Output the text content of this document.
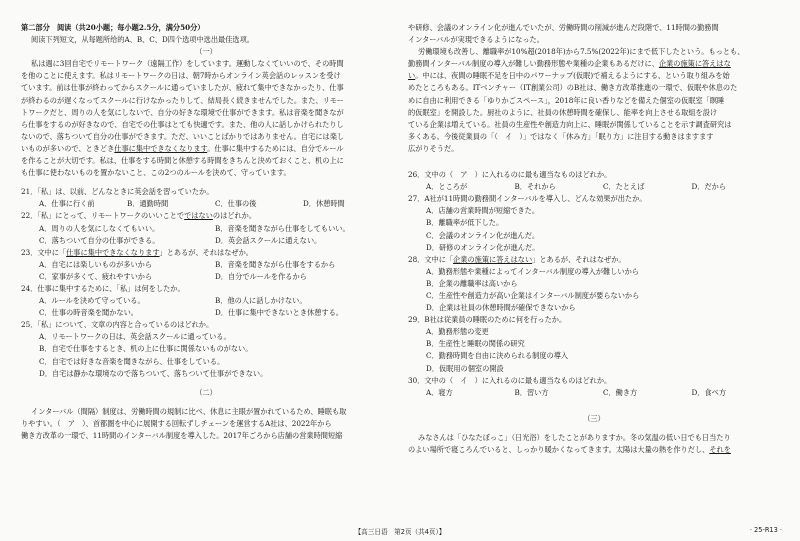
第二部分　阅读（共20小题；每小题2.5分，满分50分）
阅读下列短文，从每题所给的A、B、C、D四个选项中选出最佳选项。
（一）
私は週に3回自宅でリモートワーク（遠隔工作）をしています。運動しなくていいので、その時間
を他のことに使えます。私はリモートワークの日は、朝7時からオンライン英会話のレッスンを受け
ています。前は仕事が終わってからスクールに通っていましたが、疲れて集中できなかったり、仕事
が終わるのが遅くなってスクールに行けなかったりして、結局長く続きませんでした。また、リモー
トワークだと、周りの人を気にしないで、自分の好きな環境で仕事ができます。私は音楽を聞きなが
ら仕事をするのが好きなので、自宅での仕事はとても快適です。また、他の人に話しかけられたりし
ないので、落ちついて自分の仕事ができます。ただ、いいことばかりではありません。自宅には楽し
いものが多いので、ときどき仕事に集中できなくなります。仕事に集中するためには、自分でルール
を作ることが大切です。私は、仕事をする時間と休憩する時間をきちんと決めておくこと、机の上に
も仕事に使わないものを置かないこと、この2つのルールを決めて、守っています。
21．「私」は、以前、どんなときに英会話を習っていたか。
A．仕事に行く前	B．通勤時間	C．仕事の後	D．休憩時間
22．「私」にとって、リモートワークのいいことでではないのはどれか。
A．周りの人を気にしなくてもいい。	B．音楽を聞きながら仕事をしてもいい。
C．落ちついて自分の仕事ができる。	D．英会話スクールに通えない。
23．文中に「仕事に集中できなくなります」とあるが、それはなぜか。
A．自宅には楽しいものが多いから	B．音楽を聞きながら仕事をするから
C．家事が多くて、疲れやすいから	D．自分でルールを作るから
24．仕事に集中するために、「私」は何をしたか。
A．ルールを決めて守っている。	B．他の人に話しかけない。
C．仕事の時音楽を聞かない。	D．仕事に集中できないとき休憩する。
25．「私」について、文章の内容と合っているのはどれか。
A．リモートワークの日は、英会話スクールに通っている。
B．自宅で仕事をするとき、机の上に仕事に関係ないものがない。
C．自宅では好きな音楽を聞きながら、仕事をしている。
D．自宅は静かな環境なので落ちついて、落ちついて仕事ができない。
（二）
インターバル（間隔）制度は、労働時間の規制に比べ、休息に主眼が置かれているため、睡眠も取
りやすい。（　ア　）、首都圏を中心に展開する回転ずしチェーンを運営するA社は、2022年から
働き方改革の一環で、11時間のインターバル制度を導入した。2017年ごろから店舗の営業時間短縮
や研修、会議のオンライン化が進んでいたが、労働時間の削減が進んだ段階で、11時間の勤務間
インターバルが実現できるようになった。
労働環境も改善し、離職率が10%超(2018年)から7.5%(2022年)にまで低下したという。もっとも、
勤務間インターバル制度の導入が難しい勤務形態や業種の企業もあるだけに、企業の施策に答えはな
い。中には、夜間の睡眠不足を日中のパワーナップ(仮眠)で補えるようにする、という取り組みを始
めたところもある。ITベンチャー（IT創業公司）のB社は、働き方改革推進の一環で、仮眠や休息のた
めに自由に利用できる「ゆりかごスペース」，2018年に良い香りなどを備えた個室の仮眠室「瞑睡
的仮眠室」を開設した。厨社のように、社員の休憩時間を確保し、能率を向上させる取組を設け
ている企業は増えている。社員の生産性や創造力向上に、睡眠が関係していることを示す調査研究は
多くある。今後従業員の「（　イ　）」ではなく「休み方」「眠り方」に注目する動きはますます
広がりそうだ。
26．文中の（　ア　）に入れるのに最も適当なものはどれか。
A．ところが	B．それから	C．たとえば	D．だから
27．A社が11時間の勤務間インターバルを導入し、どんな効果が出たか。
A．店舗の営業時間が短縮できた。
B．離職率が低下した。
C．会議のオンライン化が進んだ。
D．研修のオンライン化が進んだ。
28．文中に「企業の施策に答えはない」とあるが、それはなぜか。
A．勤務形態や業種によってインターバル制度の導入が難しいから
B．企業の離職率は高いから
C．生産性や創造力が高い企業はインターバル制度が要らないから
D．企業は社員の休憩時間が確保できないから
29．B社は従業員の睡眠のために何を行ったか。
A．勤務形態の変更
B．生産性と睡眠の関係の研究
C．勤務時間を自由に決められる制度の導入
D．仮眠用の個室の開設
30．文中の（　イ　）に入れるのに最も適当なものはどれか。
A．寝方	B．習い方	C．働き方	D．食べ方
（三）
みなさんは「ひなたぼっこ」（日光浴）をしたことがありますか。冬の気温の低い日でも日当たり
のよい場所で寝ころんでいると、しっかり暖かくなってきます。太陽は大量の熱を作りだし、それを
【高三日语　第2页（共4页）】	· 25-R13 ·
